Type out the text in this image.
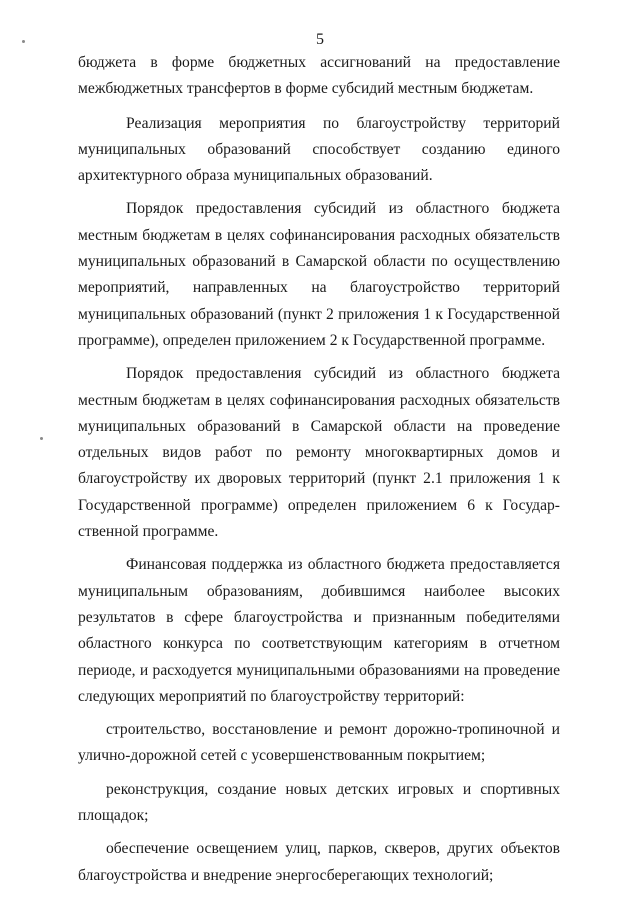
5

бюджета в форме бюджетных ассигнований на предоставление межбюджетных трансфертов в форме субсидий местным бюджетам.

Реализация мероприятия по благоустройству территорий муниципальных образований способствует созданию единого архитектурного образа муниципальных образований.

Порядок предоставления субсидий из областного бюджета местным бюджетам в целях софинансирования расходных обязательств муниципальных образований в Самарской области по осуществлению мероприятий, направленных на благоустройство территорий муниципальных образований (пункт 2 приложения 1 к Государственной программе), определен приложением 2 к Государственной программе.

Порядок предоставления субсидий из областного бюджета местным бюджетам в целях софинансирования расходных обязательств муниципальных образований в Самарской области на проведение отдельных видов работ по ремонту многоквартирных домов и благоустройству их дворовых территорий (пункт 2.1 приложения 1 к Государственной программе) определен приложением 6 к Государ-ственной программе.

Финансовая поддержка из областного бюджета предоставляется муниципальным образованиям, добившимся наиболее высоких результатов в сфере благоустройства и признанным победителями областного конкурса по соответствующим категориям в отчетном периоде, и расходуется муниципальными образованиями на проведение следующих мероприятий по благоустройству территорий:

строительство, восстановление и ремонт дорожно-тропиночной и улично-дорожной сетей с усовершенствованным покрытием;

реконструкция, создание новых детских игровых и спортивных площадок;

обеспечение освещением улиц, парков, скверов, других объектов благоустройства и внедрение энергосберегающих технологий;
